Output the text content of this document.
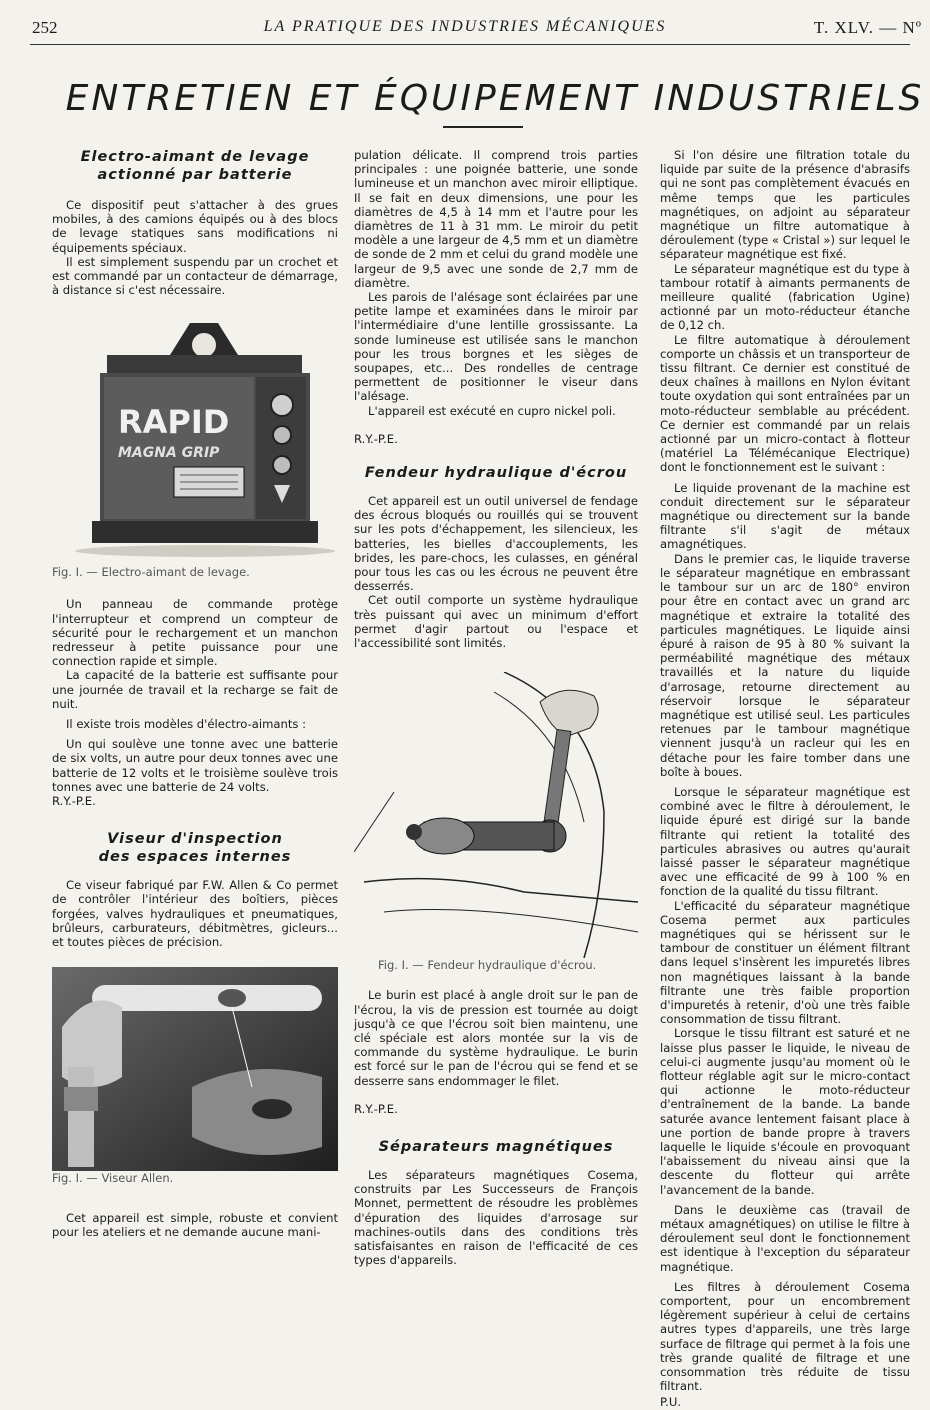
252	LA PRATIQUE DES INDUSTRIES MÉCANIQUES	T. XLV. — Nº
ENTRETIEN ET ÉQUIPEMENT INDUSTRIELS
Electro-aimant de levage
actionné par batterie

Ce dispositif peut s'attacher à des grues mobiles, à des camions équipés ou à des blocs de levage statiques sans modifications ni équipements spéciaux.

Il est simplement suspendu par un crochet et est commandé par un contacteur de démarrage, à distance si c'est nécessaire.

RAPID
MAGNA GRIP

Fig. I. — Electro-aimant de levage.

Un panneau de commande protège l'interrupteur et comprend un compteur de sécurité pour le rechargement et un manchon redresseur à petite puissance pour une connection rapide et simple.

La capacité de la batterie est suffisante pour une journée de travail et la recharge se fait de nuit.

Il existe trois modèles d'électro-aimants :

Un qui soulève une tonne avec une batterie de six volts, un autre pour deux tonnes avec une batterie de 12 volts et le troisième soulève trois tonnes avec une batterie de 24 volts.

R.Y.-P.E.

Viseur d'inspection
des espaces internes

Ce viseur fabriqué par F.W. Allen & Co permet de contrôler l'intérieur des boîtiers, pièces forgées, valves hydrauliques et pneumatiques, brûleurs, carburateurs, débitmètres, gicleurs... et toutes pièces de précision.

Fig. I. — Viseur Allen.

Cet appareil est simple, robuste et convient pour les ateliers et ne demande aucune mani-

pulation délicate. Il comprend trois parties principales : une poignée batterie, une sonde lumineuse et un manchon avec miroir elliptique. Il se fait en deux dimensions, une pour les diamètres de 4,5 à 14 mm et l'autre pour les diamètres de 11 à 31 mm. Le miroir du petit modèle a une largeur de 4,5 mm et un diamètre de sonde de 2 mm et celui du grand modèle une largeur de 9,5 avec une sonde de 2,7 mm de diamètre.

Les parois de l'alésage sont éclairées par une petite lampe et examinées dans le miroir par l'intermédiaire d'une lentille grossissante. La sonde lumineuse est utilisée sans le manchon pour les trous borgnes et les sièges de soupapes, etc... Des rondelles de centrage permettent de positionner le viseur dans l'alésage.

L'appareil est exécuté en cupro nickel poli.

R.Y.-P.E.

Fendeur hydraulique d'écrou

Cet appareil est un outil universel de fendage des écrous bloqués ou rouillés qui se trouvent sur les pots d'échappement, les silencieux, les batteries, les bielles d'accouplements, les brides, les pare-chocs, les culasses, en général pour tous les cas ou les écrous ne peuvent être desserrés.

Cet outil comporte un système hydraulique très puissant qui avec un minimum d'effort permet d'agir partout ou l'espace et l'accessibilité sont limités.

Fig. I. — Fendeur hydraulique d'écrou.

Le burin est placé à angle droit sur le pan de l'écrou, la vis de pression est tournée au doigt jusqu'à ce que l'écrou soit bien maintenu, une clé spéciale est alors montée sur la vis de commande du système hydraulique. Le burin est forcé sur le pan de l'écrou qui se fend et se desserre sans endommager le filet.

R.Y.-P.E.

Séparateurs magnétiques

Les séparateurs magnétiques Cosema, construits par Les Successeurs de François Monnet, permettent de résoudre les problèmes d'épuration des liquides d'arrosage sur machines-outils dans des conditions très satisfaisantes en raison de l'efficacité de ces types d'appareils.

Si l'on désire une filtration totale du liquide par suite de la présence d'abrasifs qui ne sont pas complètement évacués en même temps que les particules magnétiques, on adjoint au séparateur magnétique un filtre automatique à déroulement (type « Cristal ») sur lequel le séparateur magnétique est fixé.

Le séparateur magnétique est du type à tambour rotatif à aimants permanents de meilleure qualité (fabrication Ugine) actionné par un moto-réducteur étanche de 0,12 ch.

Le filtre automatique à déroulement comporte un châssis et un transporteur de tissu filtrant. Ce dernier est constitué de deux chaînes à maillons en Nylon évitant toute oxydation qui sont entraînées par un moto-réducteur semblable au précédent. Ce dernier est commandé par un relais actionné par un micro-contact à flotteur (matériel La Télémécanique Electrique) dont le fonctionnement est le suivant :

Le liquide provenant de la machine est conduit directement sur le séparateur magnétique ou directement sur la bande filtrante s'il s'agit de métaux amagnétiques.

Dans le premier cas, le liquide traverse le séparateur magnétique en embrassant le tambour sur un arc de 180° environ pour être en contact avec un grand arc magnétique et extraire la totalité des particules magnétiques. Le liquide ainsi épuré à raison de 95 à 80 % suivant la perméabilité magnétique des métaux travaillés et la nature du liquide d'arrosage, retourne directement au réservoir lorsque le séparateur magnétique est utilisé seul. Les particules retenues par le tambour magnétique viennent jusqu'à un racleur qui les en détache pour les faire tomber dans une boîte à boues.

Lorsque le séparateur magnétique est combiné avec le filtre à déroulement, le liquide épuré est dirigé sur la bande filtrante qui retient la totalité des particules abrasives ou autres qu'aurait laissé passer le séparateur magnétique avec une efficacité de 99 à 100 % en fonction de la qualité du tissu filtrant.

L'efficacité du séparateur magnétique Cosema permet aux particules magnétiques qui se hérissent sur le tambour de constituer un élément filtrant dans lequel s'insèrent les impuretés libres non magnétiques laissant à la bande filtrante une très faible proportion d'impuretés à retenir, d'où une très faible consommation de tissu filtrant.

Lorsque le tissu filtrant est saturé et ne laisse plus passer le liquide, le niveau de celui-ci augmente jusqu'au moment où le flotteur réglable agit sur le micro-contact qui actionne le moto-réducteur d'entraînement de la bande. La bande saturée avance lentement faisant place à une portion de bande propre à travers laquelle le liquide s'écoule en provoquant l'abaissement du niveau ainsi que la descente du flotteur qui arrête l'avancement de la bande.

Dans le deuxième cas (travail de métaux amagnétiques) on utilise le filtre à déroulement seul dont le fonctionnement est identique à l'exception du séparateur magnétique.

Les filtres à déroulement Cosema comportent, pour un encombrement légèrement supérieur à celui de certains autres types d'appareils, une très large surface de filtrage qui permet à la fois une très grande qualité de filtrage et une consommation très réduite de tissu filtrant.

P.U.
